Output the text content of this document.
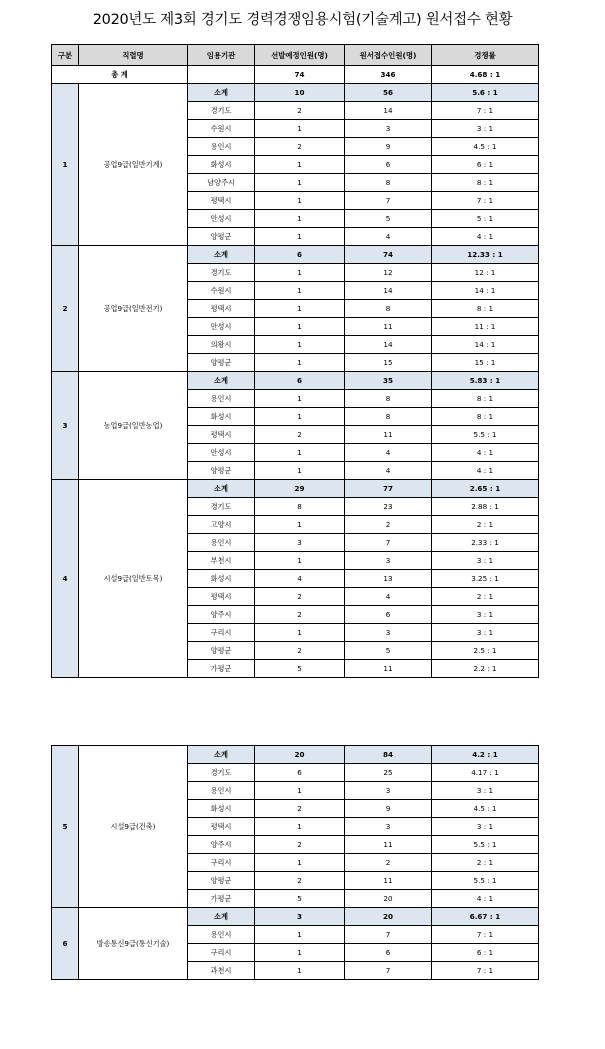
2020년도 제3회 경기도 경력경쟁임용시험(기술계고) 원서접수 현황
구분	직렬명	임용기관	선발예정인원(명)	원서접수인원(명)	경쟁률
총 계			74	346	4.68 : 1
1	공업9급(일반기계)	소계	10	56	5.6 : 1
		경기도	2	14	7 : 1
		수원시	1	3	3 : 1
		용인시	2	9	4.5 : 1
		화성시	1	6	6 : 1
		남양주시	1	8	8 : 1
		평택시	1	7	7 : 1
		안성시	1	5	5 : 1
		양평군	1	4	4 : 1
2	공업9급(일반전기)	소계	6	74	12.33 : 1
		경기도	1	12	12 : 1
		수원시	1	14	14 : 1
		평택시	1	8	8 : 1
		안성시	1	11	11 : 1
		의왕시	1	14	14 : 1
		양평군	1	15	15 : 1
3	농업9급(일반농업)	소계	6	35	5.83 : 1
		용인시	1	8	8 : 1
		화성시	1	8	8 : 1
		평택시	2	11	5.5 : 1
		안성시	1	4	4 : 1
		양평군	1	4	4 : 1
4	시설9급(일반토목)	소계	29	77	2.65 : 1
		경기도	8	23	2.88 : 1
		고양시	1	2	2 : 1
		용인시	3	7	2.33 : 1
		부천시	1	3	3 : 1
		화성시	4	13	3.25 : 1
		평택시	2	4	2 : 1
		양주시	2	6	3 : 1
		구리시	1	3	3 : 1
		양평군	2	5	2.5 : 1
		가평군	5	11	2.2 : 1
5	시설9급(건축)	소계	20	84	4.2 : 1
		경기도	6	25	4.17 : 1
		용인시	1	3	3 : 1
		화성시	2	9	4.5 : 1
		평택시	1	3	3 : 1
		양주시	2	11	5.5 : 1
		구리시	1	2	2 : 1
		양평군	2	11	5.5 : 1
		가평군	5	20	4 : 1
6	방송통신9급(통신기술)	소계	3	20	6.67 : 1
		용인시	1	7	7 : 1
		구리시	1	6	6 : 1
		과천시	1	7	7 : 1
